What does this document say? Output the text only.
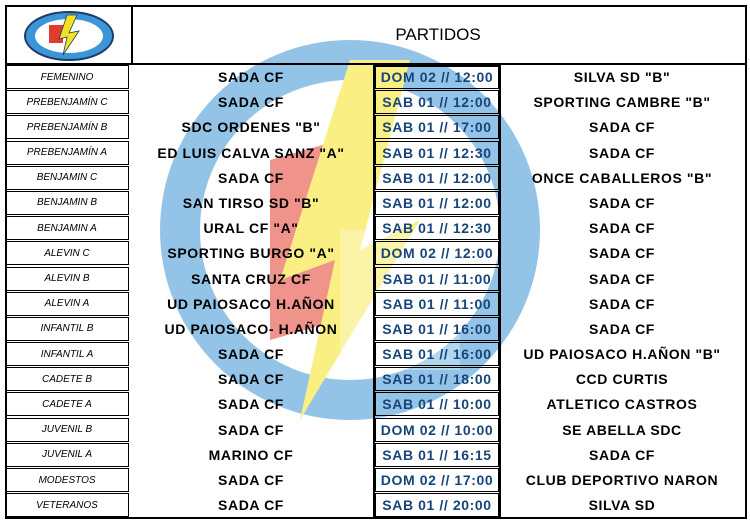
PARTIDOS
FEMENINO	SADA CF	DOM 02 // 12:00	SILVA SD "B"
PREBENJAMÍN C	SADA CF	SAB 01 // 12:00	SPORTING CAMBRE "B"
PREBENJAMÍN B	SDC ORDENES "B"	SAB 01 // 17:00	SADA CF
PREBENJAMÍN A	ED LUIS CALVA SANZ "A"	SAB 01 // 12:30	SADA CF
BENJAMIN C	SADA CF	SAB 01 // 12:00	ONCE CABALLEROS "B"
BENJAMIN B	SAN TIRSO SD "B"	SAB 01 // 12:00	SADA CF
BENJAMIN A	URAL CF "A"	SAB 01 // 12:30	SADA CF
ALEVIN C	SPORTING BURGO "A"	DOM 02 // 12:00	SADA CF
ALEVIN B	SANTA CRUZ CF	SAB 01 // 11:00	SADA CF
ALEVIN A	UD PAIOSACO H.AÑON	SAB 01 // 11:00	SADA CF
INFANTIL B	UD PAIOSACO- H.AÑON	SAB 01 // 16:00	SADA CF
INFANTIL A	SADA CF	SAB 01 // 16:00	UD PAIOSACO H.AÑON "B"
CADETE B	SADA CF	SAB 01 // 18:00	CCD CURTIS
CADETE A	SADA CF	SAB 01 // 10:00	ATLETICO CASTROS
JUVENIL B	SADA CF	DOM 02 // 10:00	SE ABELLA SDC
JUVENIL A	MARINO CF	SAB 01 // 16:15	SADA CF
MODESTOS	SADA CF	DOM 02 // 17:00	CLUB DEPORTIVO NARON
VETERANOS	SADA CF	SAB 01 // 20:00	SILVA SD
